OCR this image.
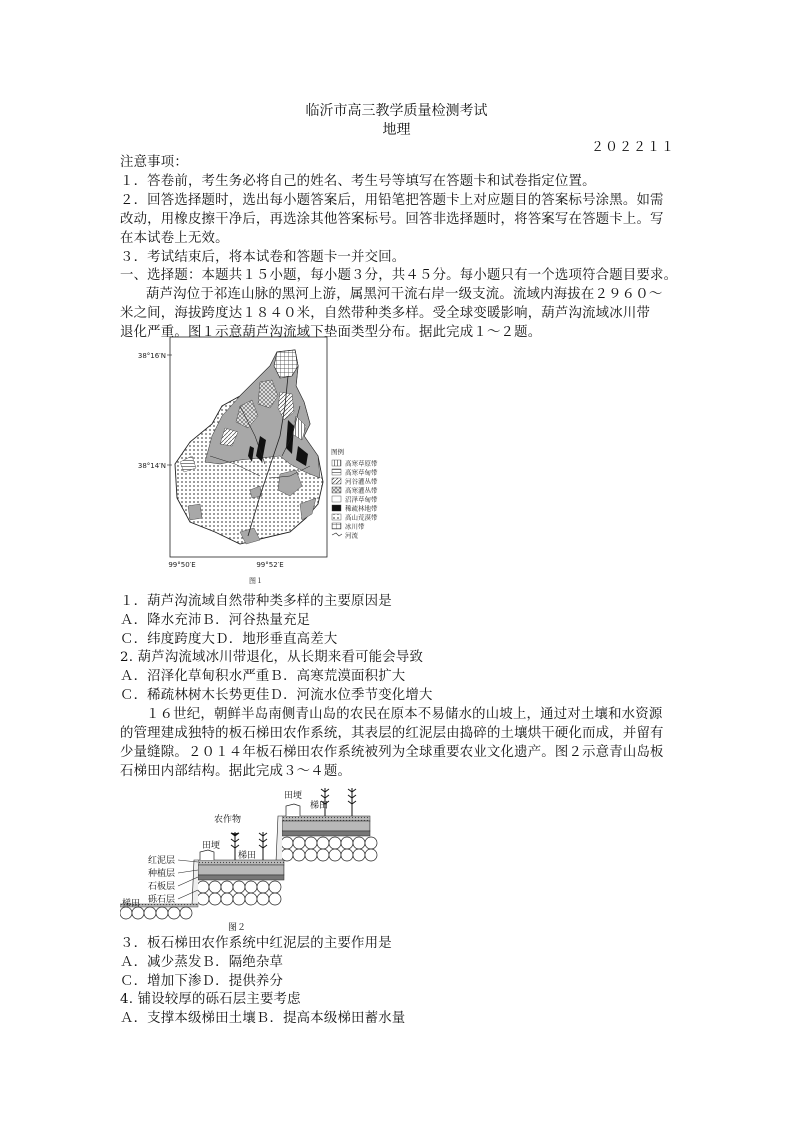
临沂市高三教学质量检测考试
地理
２０２２１１
注意事项：
１．答卷前，考生务必将自己的姓名、考生号等填写在答题卡和试卷指定位置。
２．回答选择题时，选出每小题答案后，用铅笔把答题卡上对应题目的答案标号涂黑。如需
改动，用橡皮擦干净后，再选涂其他答案标号。回答非选择题时，将答案写在答题卡上。写
在本试卷上无效。
３．考试结束后，将本试卷和答题卡一并交回。
一、选择题：本题共１５小题，每小题３分，共４５分。每小题只有一个选项符合题目要求。
葫芦沟位于祁连山脉的黑河上游，属黑河干流右岸一级支流。流域内海拔在２９６０～
米之间，海拔跨度达１８４０米，自然带种类多样。受全球变暖影响，葫芦沟流域冰川带
退化严重。图１示意葫芦沟流域下垫面类型分布。据此完成１～２题。
38°16′N
38°14′N
99°50′E	99°52′E
图１
图例
高寒草原带
高寒草甸带
河谷灌丛带
高寒灌丛带
沼泽草甸带
稀疏林地带
高山荒漠带
冰川带
河流
１．葫芦沟流域自然带种类多样的主要原因是
Ａ．降水充沛Ｂ．河谷热量充足
Ｃ．纬度跨度大Ｄ．地形垂直高差大
2. 葫芦沟流域冰川带退化，从长期来看可能会导致
Ａ．沼泽化草甸积水严重Ｂ．高寒荒漠面积扩大
Ｃ．稀疏林树木长势更佳Ｄ．河流水位季节变化增大
１６世纪，朝鲜半岛南侧青山岛的农民在原本不易储水的山坡上，通过对土壤和水资源
的管理建成独特的板石梯田农作系统，其表层的红泥层由捣碎的土壤烘干硬化而成，并留有
少量缝隙。２０１４年板石梯田农作系统被列为全球重要农业文化遗产。图２示意青山岛板
石梯田内部结构。据此完成３～４题。
田埂
梯田
农作物
田埂
梯田
红泥层
种植层
石板层
砾石层
梯田
图２
３．板石梯田农作系统中红泥层的主要作用是
Ａ．减少蒸发Ｂ．隔绝杂草
Ｃ．增加下渗Ｄ．提供养分
4. 铺设较厚的砾石层主要考虑
Ａ．支撑本级梯田土壤Ｂ．提高本级梯田蓄水量
